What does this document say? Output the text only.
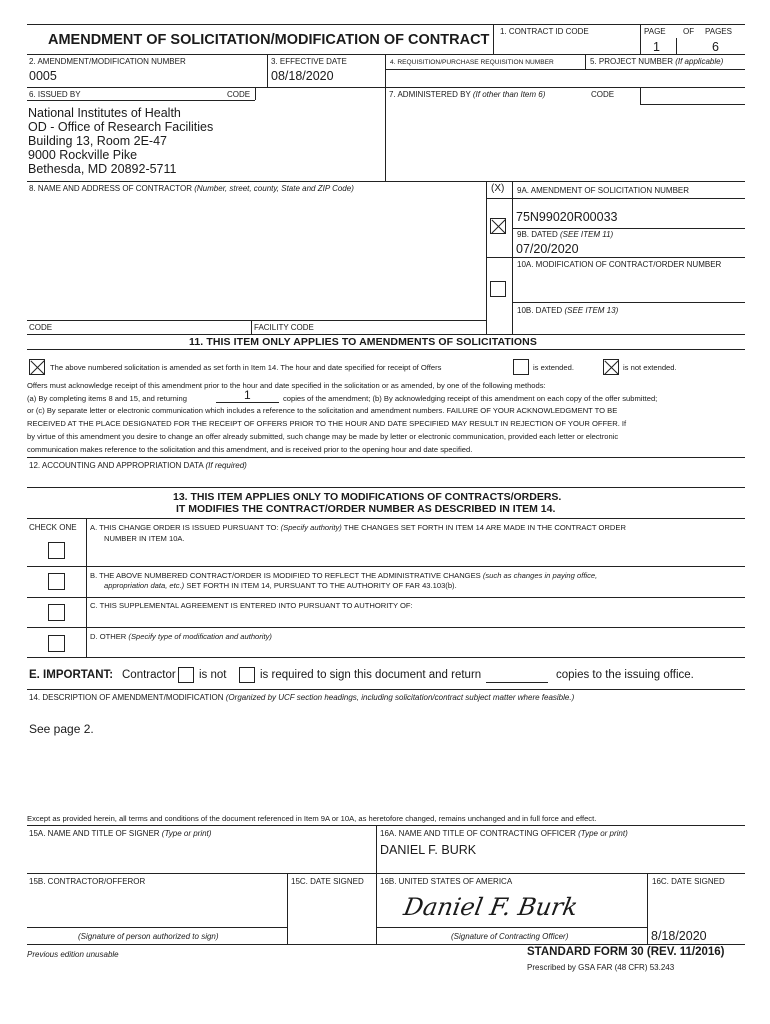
AMENDMENT OF SOLICITATION/MODIFICATION OF CONTRACT
1. CONTRACT ID CODE	PAGE OF PAGES
1	6
2. AMENDMENT/MODIFICATION NUMBER
0005
3. EFFECTIVE DATE
08/18/2020
4. REQUISITION/PURCHASE REQUISITION NUMBER	5. PROJECT NUMBER (If applicable)
6. ISSUED BY	CODE	7. ADMINISTERED BY (If other than Item 6)	CODE
National Institutes of Health
OD - Office of Research Facilities
Building 13, Room 2E-47
9000 Rockville Pike
Bethesda, MD 20892-5711
8. NAME AND ADDRESS OF CONTRACTOR (Number, street, county, State and ZIP Code)	(X) 9A. AMENDMENT OF SOLICITATION NUMBER
75N99020R00033
9B. DATED (SEE ITEM 11)
07/20/2020
10A. MODIFICATION OF CONTRACT/ORDER NUMBER
10B. DATED (SEE ITEM 13)
CODE	FACILITY CODE
11. THIS ITEM ONLY APPLIES TO AMENDMENTS OF SOLICITATIONS
The above numbered solicitation is amended as set forth in Item 14. The hour and date specified for receipt of Offers	is extended.	is not extended.
Offers must acknowledge receipt of this amendment prior to the hour and date specified in the solicitation or as amended, by one of the following methods:
(a) By completing items 8 and 15, and returning	1	copies of the amendment; (b) By acknowledging receipt of this amendment on each copy of the offer submitted;
or (c) By separate letter or electronic communication which includes a reference to the solicitation and amendment numbers. FAILURE OF YOUR ACKNOWLEDGMENT TO BE
RECEIVED AT THE PLACE DESIGNATED FOR THE RECEIPT OF OFFERS PRIOR TO THE HOUR AND DATE SPECIFIED MAY RESULT IN REJECTION OF YOUR OFFER. If
by virtue of this amendment you desire to change an offer already submitted, such change may be made by letter or electronic communication, provided each letter or electronic
communication makes reference to the solicitation and this amendment, and is received prior to the opening hour and date specified.
12. ACCOUNTING AND APPROPRIATION DATA (If required)
13. THIS ITEM APPLIES ONLY TO MODIFICATIONS OF CONTRACTS/ORDERS.
IT MODIFIES THE CONTRACT/ORDER NUMBER AS DESCRIBED IN ITEM 14.
CHECK ONE A. THIS CHANGE ORDER IS ISSUED PURSUANT TO: (Specify authority) THE CHANGES SET FORTH IN ITEM 14 ARE MADE IN THE CONTRACT ORDER
NUMBER IN ITEM 10A.
B. THE ABOVE NUMBERED CONTRACT/ORDER IS MODIFIED TO REFLECT THE ADMINISTRATIVE CHANGES (such as changes in paying office,
appropriation data, etc.) SET FORTH IN ITEM 14, PURSUANT TO THE AUTHORITY OF FAR 43.103(b).
C. THIS SUPPLEMENTAL AGREEMENT IS ENTERED INTO PURSUANT TO AUTHORITY OF:
D. OTHER (Specify type of modification and authority)
E. IMPORTANT: Contractor is not	is required to sign this document and return	copies to the issuing office.
14. DESCRIPTION OF AMENDMENT/MODIFICATION (Organized by UCF section headings, including solicitation/contract subject matter where feasible.)
See page 2.
Except as provided herein, all terms and conditions of the document referenced in Item 9A or 10A, as heretofore changed, remains unchanged and in full force and effect.
15A. NAME AND TITLE OF SIGNER (Type or print)	16A. NAME AND TITLE OF CONTRACTING OFFICER (Type or print)
DANIEL F. BURK
15B. CONTRACTOR/OFFEROR	15C. DATE SIGNED 16B. UNITED STATES OF AMERICA	16C. DATE SIGNED
Daniel F. Burk
(Signature of person authorized to sign)	(Signature of Contracting Officer)	8/18/2020
Previous edition unusable	STANDARD FORM 30 (REV. 11/2016)
Prescribed by GSA FAR (48 CFR) 53.243
